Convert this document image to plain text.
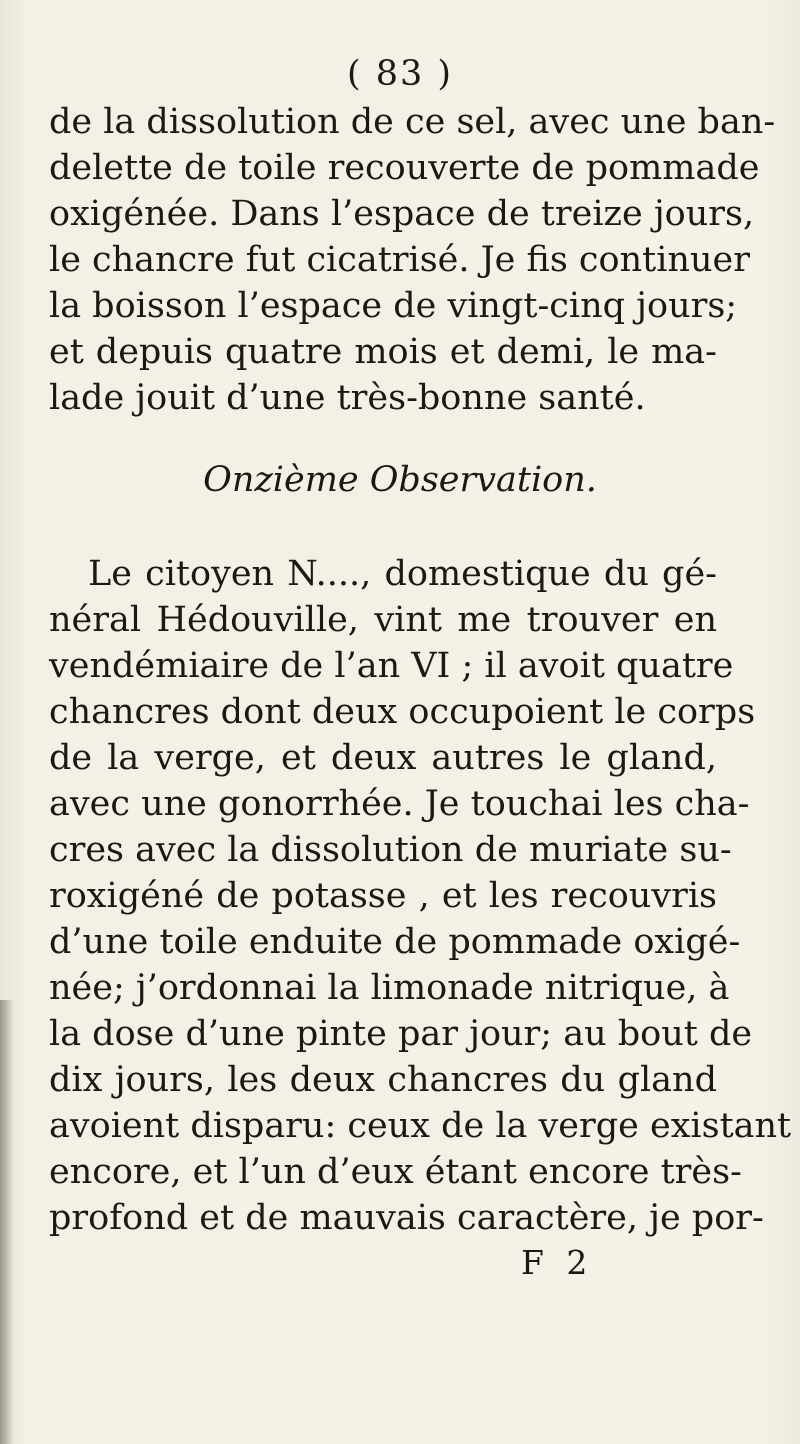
( 83 )
de la dissolution de ce sel, avec une ban-
delette de toile recouverte de pommade
oxigénée. Dans l’espace de treize jours,
le chancre fut cicatrisé. Je fis continuer
la boisson l’espace de vingt-cinq jours;
et depuis quatre mois et demi, le ma-
lade jouit d’une très-bonne santé.
Onzième Observation.
Le citoyen N...., domestique du gé-
néral Hédouville, vint me trouver en
vendémiaire de l’an VI ; il avoit quatre
chancres dont deux occupoient le corps
de la verge, et deux autres le gland,
avec une gonorrhée. Je touchai les cha-
cres avec la dissolution de muriate su-
roxigéné de potasse , et les recouvris
d’une toile enduite de pommade oxigé-
née; j’ordonnai la limonade nitrique, à
la dose d’une pinte par jour; au bout de
dix jours, les deux chancres du gland
avoient disparu: ceux de la verge existant
encore, et l’un d’eux étant encore très-
profond et de mauvais caractère, je por-
F 2
